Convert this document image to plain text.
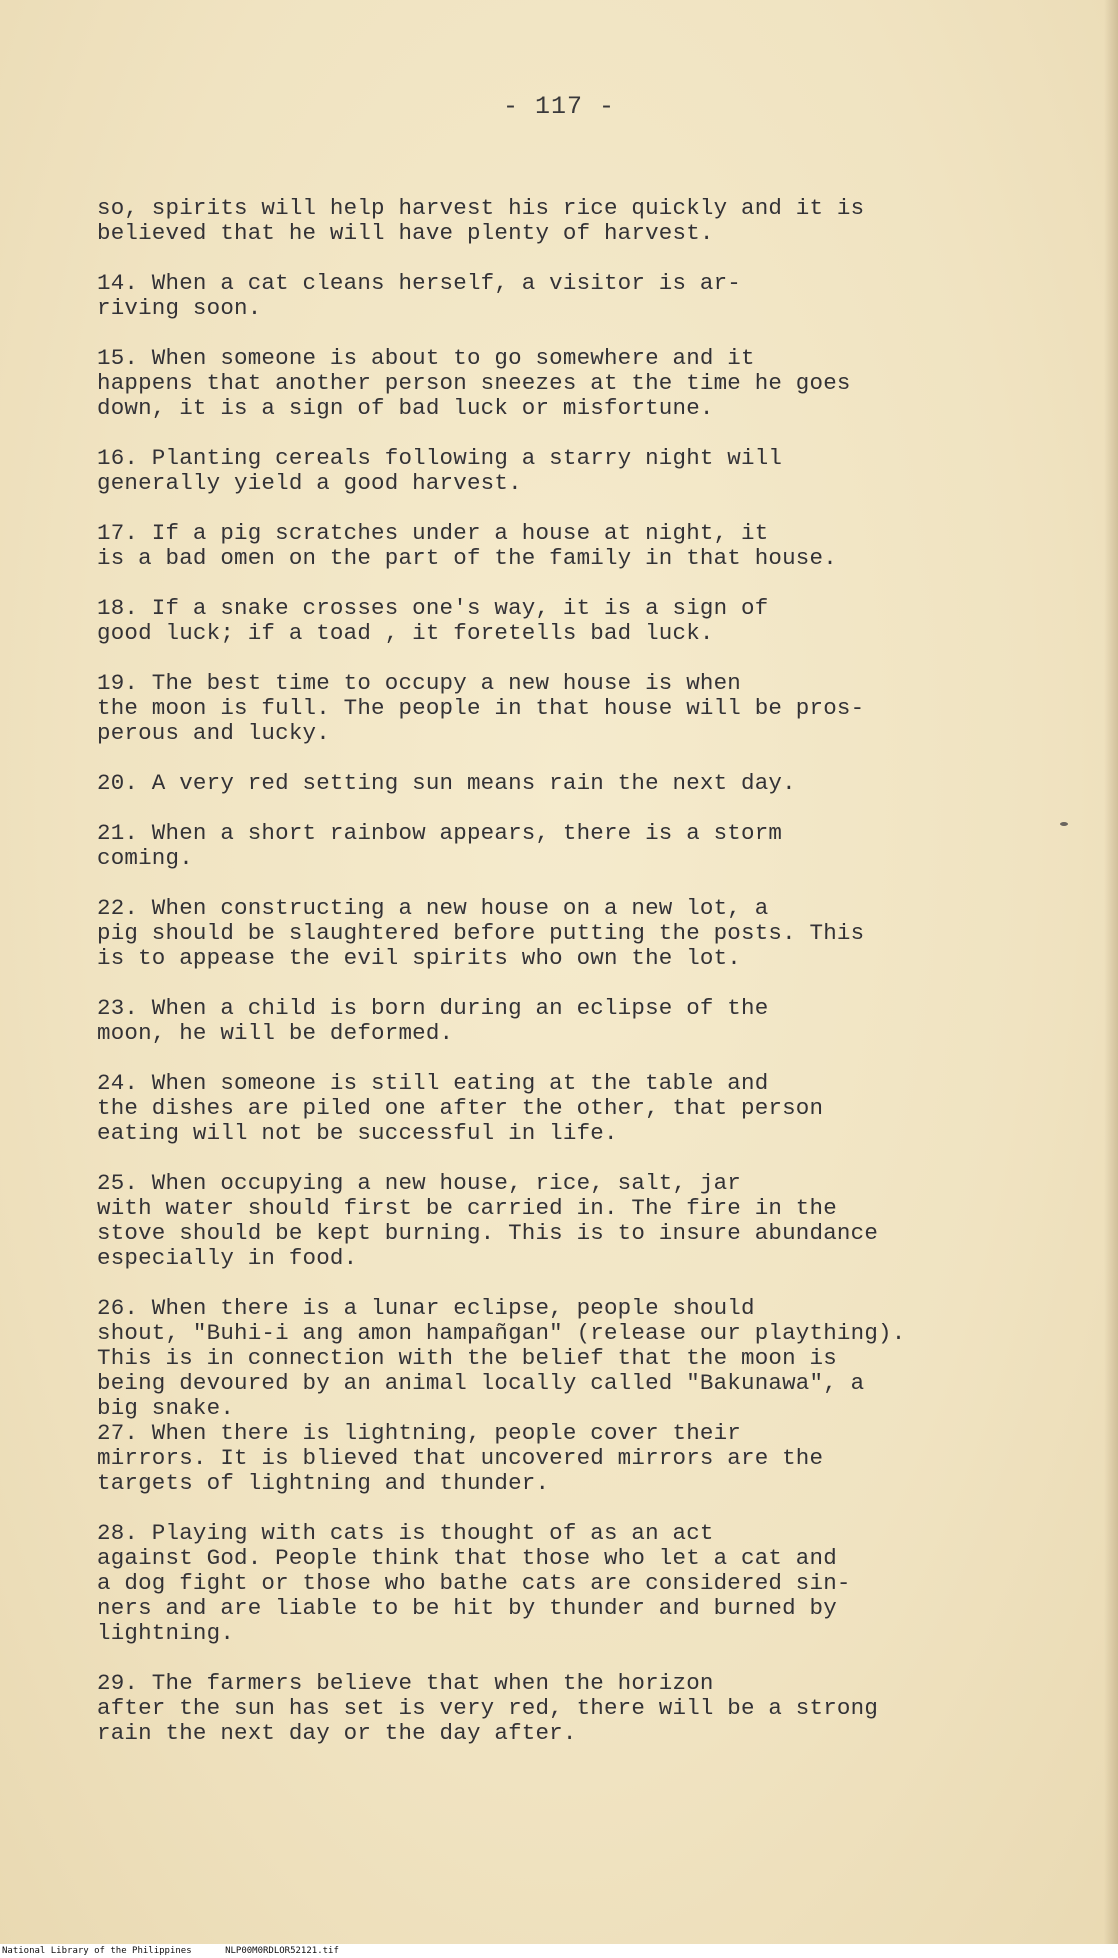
- 117 -

so, spirits will help harvest his rice quickly and it is
believed that he will have plenty of harvest.

14. When a cat cleans herself, a visitor is ar-
riving soon.

15. When someone is about to go somewhere and it
happens that another person sneezes at the time he goes
down, it is a sign of bad luck or misfortune.

16. Planting cereals following a starry night will
generally yield a good harvest.

17. If a pig scratches under a house at night, it
is a bad omen on the part of the family in that house.

18. If a snake crosses one's way, it is a sign of
good luck; if a toad , it foretells bad luck.

19. The best time to occupy a new house is when
the moon is full. The people in that house will be pros-
perous and lucky.

20. A very red setting sun means rain the next day.

21. When a short rainbow appears, there is a storm
coming.

22. When constructing a new house on a new lot, a
pig should be slaughtered before putting the posts. This
is to appease the evil spirits who own the lot.

23. When a child is born during an eclipse of the
moon, he will be deformed.

24. When someone is still eating at the table and
the dishes are piled one after the other, that person
eating will not be successful in life.

25. When occupying a new house, rice, salt, jar
with water should first be carried in. The fire in the
stove should be kept burning. This is to insure abundance
especially in food.

26. When there is a lunar eclipse, people should
shout, "Buhi-i ang amon hampañgan" (release our plaything).
This is in connection with the belief that the moon is
being devoured by an animal locally called "Bakunawa", a
big snake.

27. When there is lightning, people cover their
mirrors. It is blieved that uncovered mirrors are the
targets of lightning and thunder.

28. Playing with cats is thought of as an act
against God. People think that those who let a cat and
a dog fight or those who bathe cats are considered sin-
ners and are liable to be hit by thunder and burned by
lightning.

29. The farmers believe that when the horizon
after the sun has set is very red, there will be a strong
rain the next day or the day after.

National Library of the Philippines	NLP00M0RDLOR52121.tif
